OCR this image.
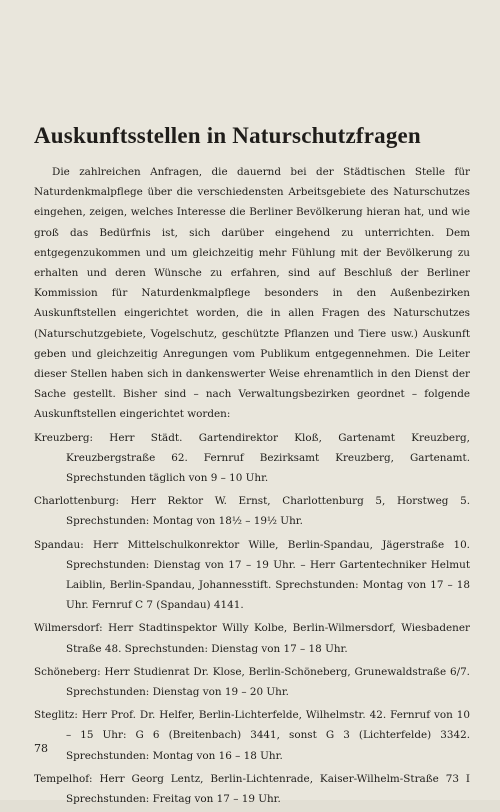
Auskunftsstellen in Naturschutzfragen

Die zahlreichen Anfragen, die dauernd bei der Städtischen Stelle für Naturdenkmalpflege über die verschiedensten Arbeitsgebiete des Naturschutzes eingehen, zeigen, welches Interesse die Berliner Bevölkerung hieran hat, und wie groß das Bedürfnis ist, sich darüber eingehend zu unterrichten. Dem entgegenzukommen und um gleichzeitig mehr Fühlung mit der Bevölkerung zu erhalten und deren Wünsche zu erfahren, sind auf Beschluß der Berliner Kommission für Naturdenkmalpflege besonders in den Außenbezirken Auskunftstellen eingerichtet worden, die in allen Fragen des Naturschutzes (Naturschutzgebiete, Vogelschutz, geschützte Pflanzen und Tiere usw.) Auskunft geben und gleichzeitig Anregungen vom Publikum entgegennehmen. Die Leiter dieser Stellen haben sich in dankenswerter Weise ehrenamtlich in den Dienst der Sache gestellt. Bisher sind – nach Verwaltungsbezirken geordnet – folgende Auskunftstellen eingerichtet worden:

Kreuzberg: Herr Städt. Gartendirektor Kloß, Gartenamt Kreuzberg, Kreuzbergstraße 62. Fernruf Bezirksamt Kreuzberg, Gartenamt. Sprechstunden täglich von 9 – 10 Uhr.

Charlottenburg: Herr Rektor W. Ernst, Charlottenburg 5, Horstweg 5. Sprechstunden: Montag von 18½ – 19½ Uhr.

Spandau: Herr Mittelschulkonrektor Wille, Berlin-Spandau, Jägerstraße 10. Sprechstunden: Dienstag von 17 – 19 Uhr. – Herr Gartentechniker Helmut Laiblin, Berlin-Spandau, Johannesstift. Sprechstunden: Montag von 17 – 18 Uhr. Fernruf C 7 (Spandau) 4141.

Wilmersdorf: Herr Stadtinspektor Willy Kolbe, Berlin-Wilmersdorf, Wiesbadener Straße 48. Sprechstunden: Dienstag von 17 – 18 Uhr.

Schöneberg: Herr Studienrat Dr. Klose, Berlin-Schöneberg, Grunewaldstraße 6/7. Sprechstunden: Dienstag von 19 – 20 Uhr.

Steglitz: Herr Prof. Dr. Helfer, Berlin-Lichterfelde, Wilhelmstr. 42. Fernruf von 10 – 15 Uhr: G 6 (Breitenbach) 3441, sonst G 3 (Lichterfelde) 3342. Sprechstunden: Montag von 16 – 18 Uhr.

Tempelhof: Herr Georg Lentz, Berlin-Lichtenrade, Kaiser-Wilhelm-Straße 73 I Sprechstunden: Freitag von 17 – 19 Uhr.

78
